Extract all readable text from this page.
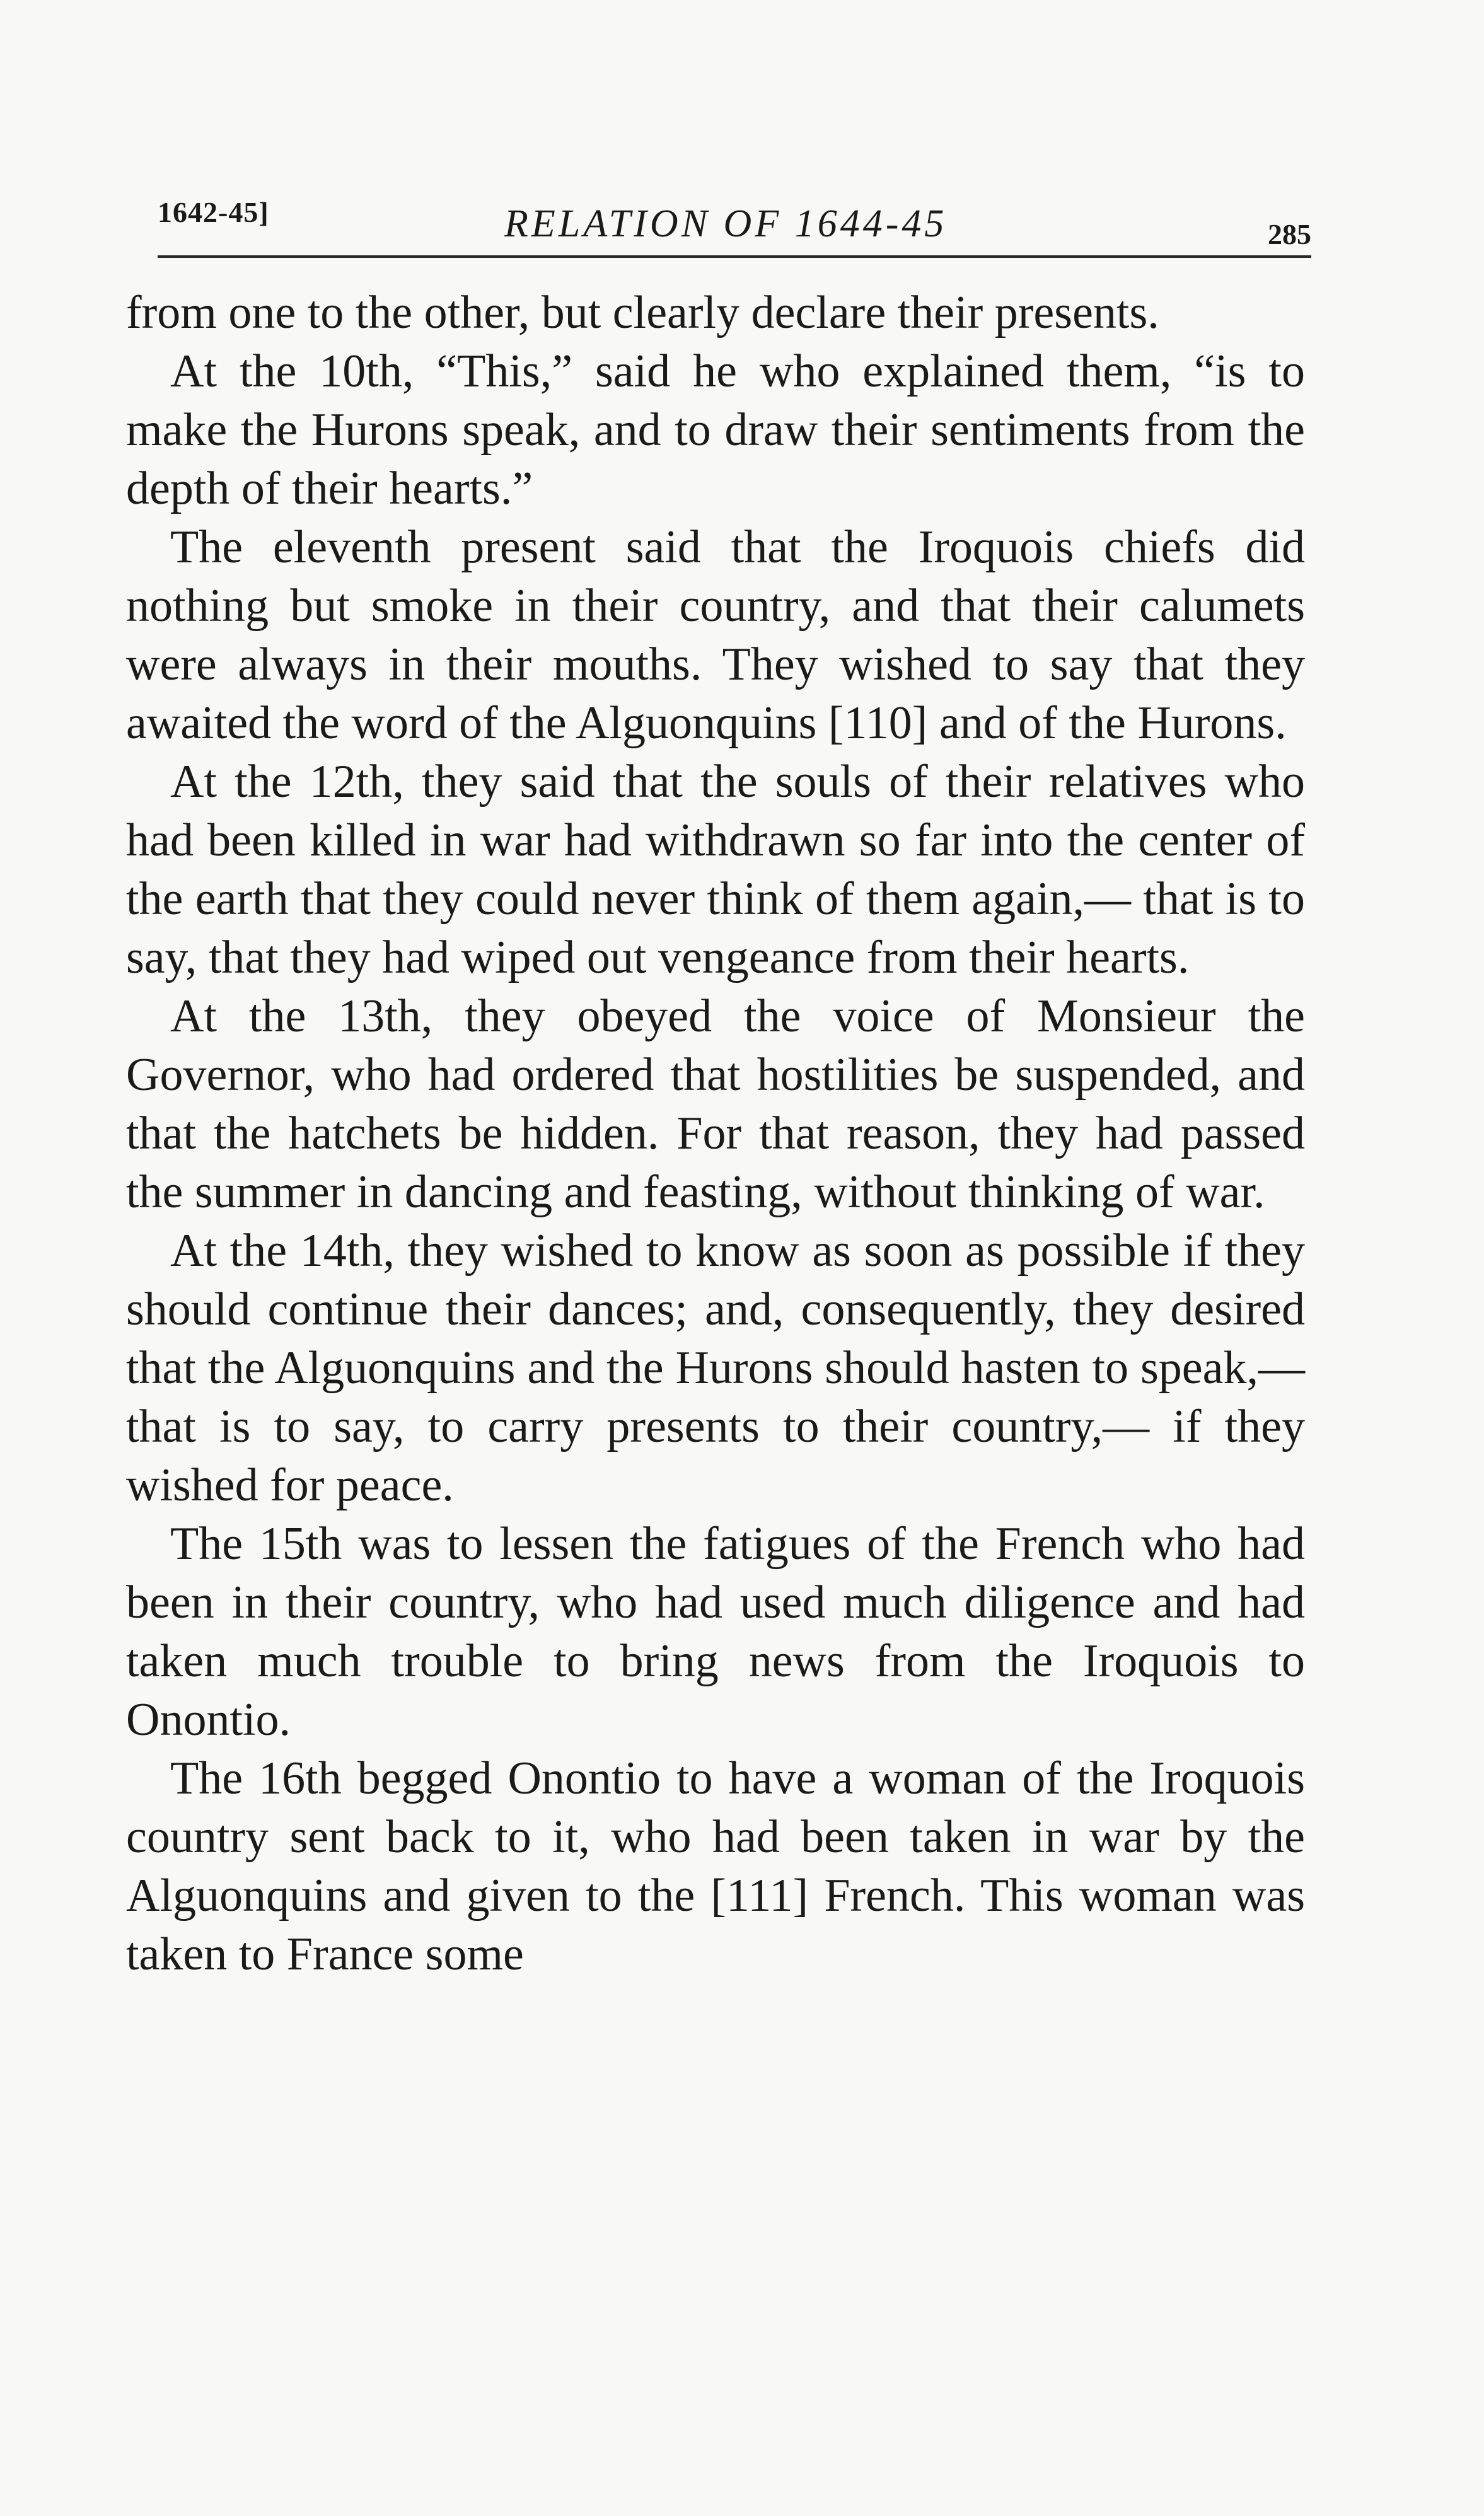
1642-45]	RELATION OF 1644-45	285

from one to the other, but clearly declare their presents.

At the 10th, “This,” said he who explained them, “is to make the Hurons speak, and to draw their sentiments from the depth of their hearts.”

The eleventh present said that the Iroquois chiefs did nothing but smoke in their country, and that their calumets were always in their mouths. They wished to say that they awaited the word of the Alguonquins [110] and of the Hurons.

At the 12th, they said that the souls of their relatives who had been killed in war had withdrawn so far into the center of the earth that they could never think of them again,— that is to say, that they had wiped out vengeance from their hearts.

At the 13th, they obeyed the voice of Monsieur the Governor, who had ordered that hostilities be suspended, and that the hatchets be hidden. For that reason, they had passed the summer in dancing and feasting, without thinking of war.

At the 14th, they wished to know as soon as possible if they should continue their dances; and, consequently, they desired that the Alguonquins and the Hurons should hasten to speak,— that is to say, to carry presents to their country,— if they wished for peace.

The 15th was to lessen the fatigues of the French who had been in their country, who had used much diligence and had taken much trouble to bring news from the Iroquois to Onontio.

The 16th begged Onontio to have a woman of the Iroquois country sent back to it, who had been taken in war by the Alguonquins and given to the [111] French. This woman was taken to France some
